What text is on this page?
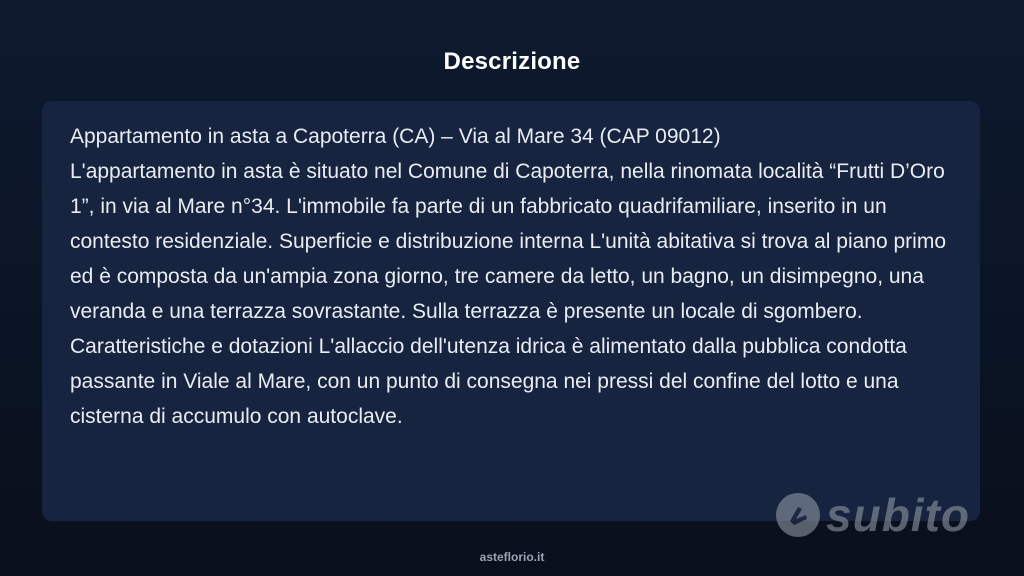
Descrizione

Appartamento in asta a Capoterra (CA) – Via al Mare 34 (CAP 09012)
L'appartamento in asta è situato nel Comune di Capoterra, nella rinomata località “Frutti D’Oro 1”, in via al Mare n°34. L'immobile fa parte di un fabbricato quadrifamiliare, inserito in un contesto residenziale. Superficie e distribuzione interna L'unità abitativa si trova al piano primo ed è composta da un'ampia zona giorno, tre camere da letto, un bagno, un disimpegno, una veranda e una terrazza sovrastante. Sulla terrazza è presente un locale di sgombero. Caratteristiche e dotazioni L'allaccio dell'utenza idrica è alimentato dalla pubblica condotta passante in Viale al Mare, con un punto di consegna nei pressi del confine del lotto e una cisterna di accumulo con autoclave.

subito
asteflorio.it
